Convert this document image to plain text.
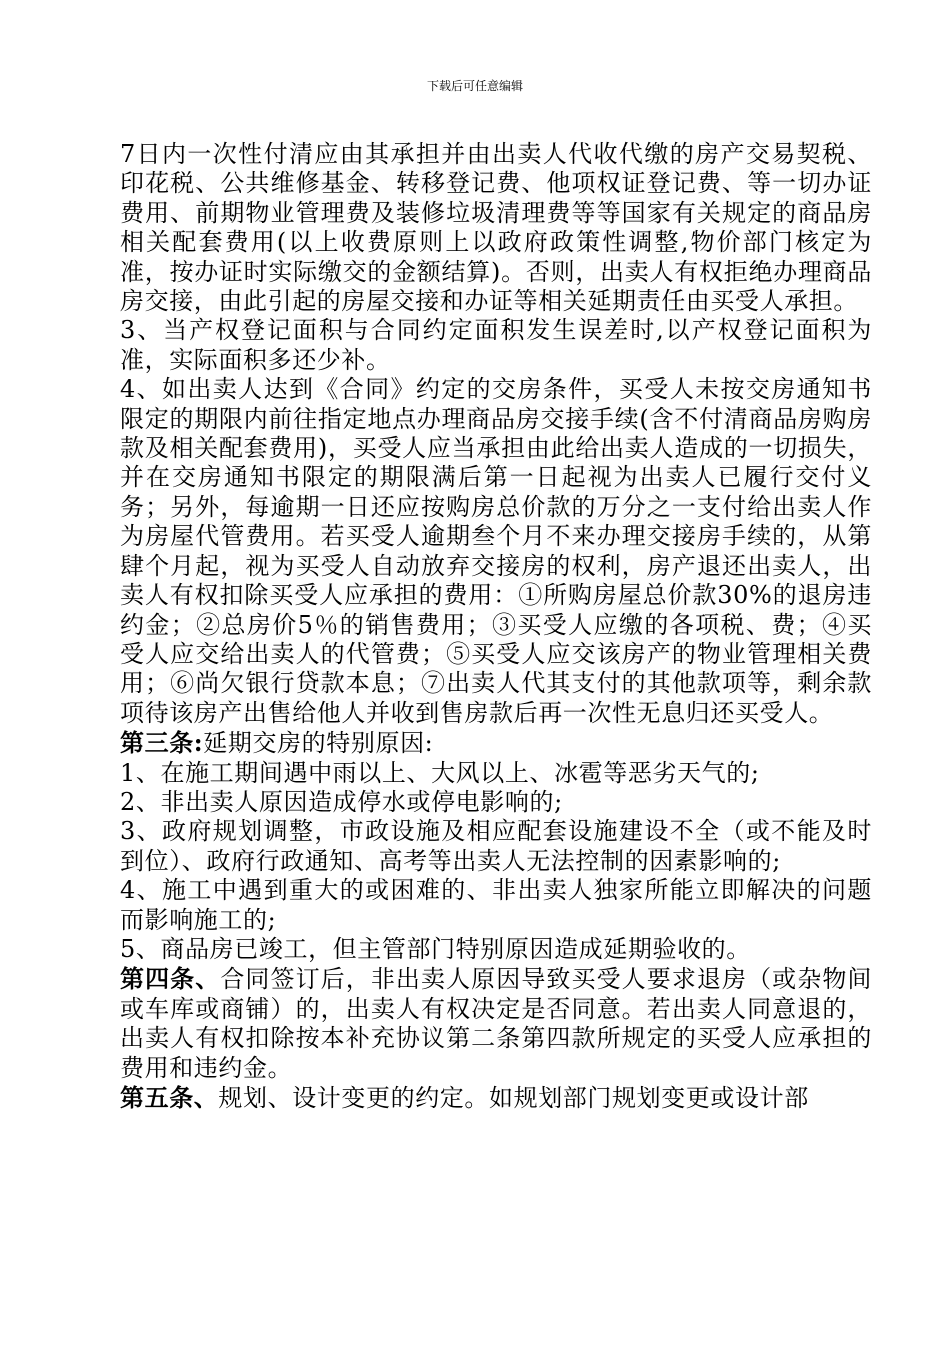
下载后可任意编辑

7日内一次性付清应由其承担并由出卖人代收代缴的房产交易契税、印花税、公共维修基金、转移登记费、他项权证登记费、等一切办证费用、前期物业管理费及装修垃圾清理费等等国家有关规定的商品房相关配套费用(以上收费原则上以政府政策性调整,物价部门核定为准，按办证时实际缴交的金额结算)。否则，出卖人有权拒绝办理商品房交接，由此引起的房屋交接和办证等相关延期责任由买受人承担。

3、当产权登记面积与合同约定面积发生误差时,以产权登记面积为准，实际面积多还少补。

4、如出卖人达到《合同》约定的交房条件，买受人未按交房通知书限定的期限内前往指定地点办理商品房交接手续(含不付清商品房购房款及相关配套费用)，买受人应当承担由此给出卖人造成的一切损失，并在交房通知书限定的期限满后第一日起视为出卖人已履行交付义务；另外，每逾期一日还应按购房总价款的万分之一支付给出卖人作为房屋代管费用。若买受人逾期叁个月不来办理交接房手续的，从第肆个月起，视为买受人自动放弃交接房的权利，房产退还出卖人，出卖人有权扣除买受人应承担的费用：①所购房屋总价款30%的退房违约金；②总房价5％的销售费用；③买受人应缴的各项税、费；④买受人应交给出卖人的代管费；⑤买受人应交该房产的物业管理相关费用；⑥尚欠银行贷款本息；⑦出卖人代其支付的其他款项等，剩余款项待该房产出售给他人并收到售房款后再一次性无息归还买受人。

第三条:延期交房的特别原因:

1、在施工期间遇中雨以上、大风以上、冰雹等恶劣天气的;

2、非出卖人原因造成停水或停电影响的;

3、政府规划调整，市政设施及相应配套设施建设不全（或不能及时到位）、政府行政通知、高考等出卖人无法控制的因素影响的;

4、施工中遇到重大的或困难的、非出卖人独家所能立即解决的问题而影响施工的;

5、商品房已竣工，但主管部门特别原因造成延期验收的。

第四条、合同签订后，非出卖人原因导致买受人要求退房（或杂物间或车库或商铺）的，出卖人有权决定是否同意。若出卖人同意退的，出卖人有权扣除按本补充协议第二条第四款所规定的买受人应承担的费用和违约金。

第五条、规划、设计变更的约定。如规划部门规划变更或设计部
